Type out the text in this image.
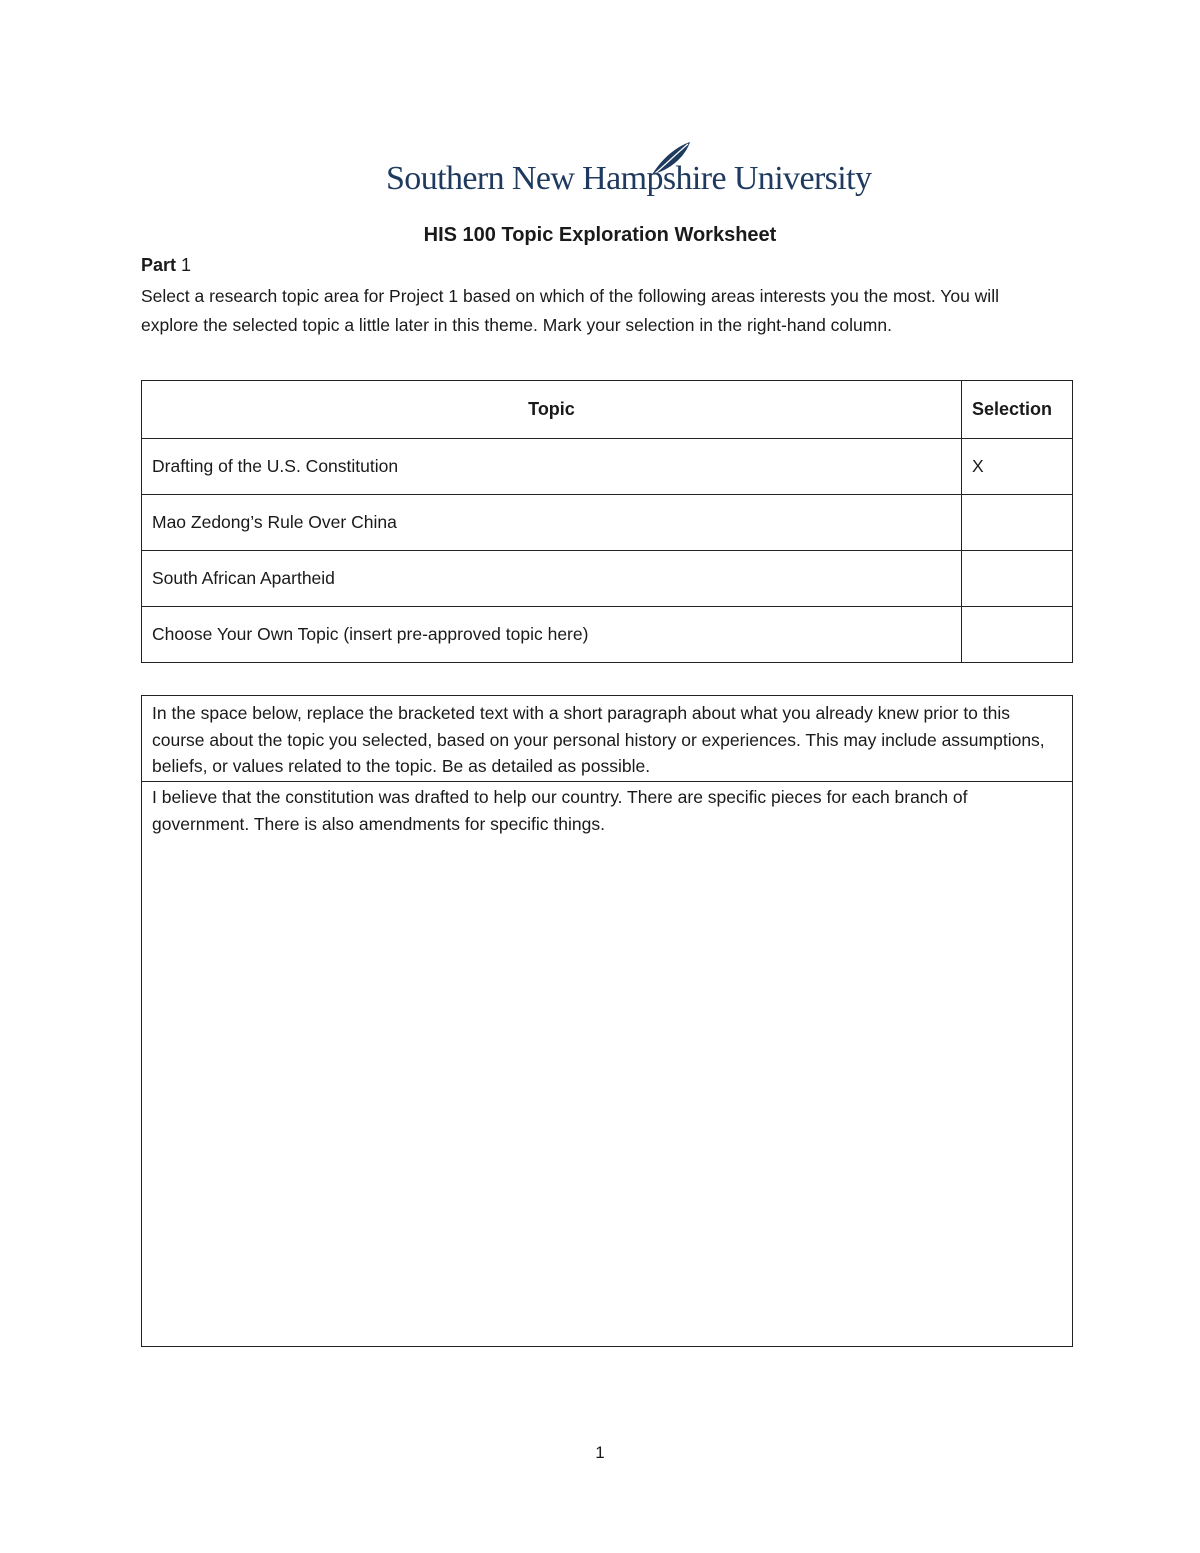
Southern New Hampshire University
HIS 100 Topic Exploration Worksheet
Part 1
Select a research topic area for Project 1 based on which of the following areas interests you the most. You will explore the selected topic a little later in this theme. Mark your selection in the right-hand column.
Topic	Selection
Drafting of the U.S. Constitution	X
Mao Zedong’s Rule Over China	
South African Apartheid	
Choose Your Own Topic (insert pre-approved topic here)	
In the space below, replace the bracketed text with a short paragraph about what you already knew prior to this course about the topic you selected, based on your personal history or experiences. This may include assumptions, beliefs, or values related to the topic. Be as detailed as possible.
I believe that the constitution was drafted to help our country. There are specific pieces for each branch of government. There is also amendments for specific things.
1
